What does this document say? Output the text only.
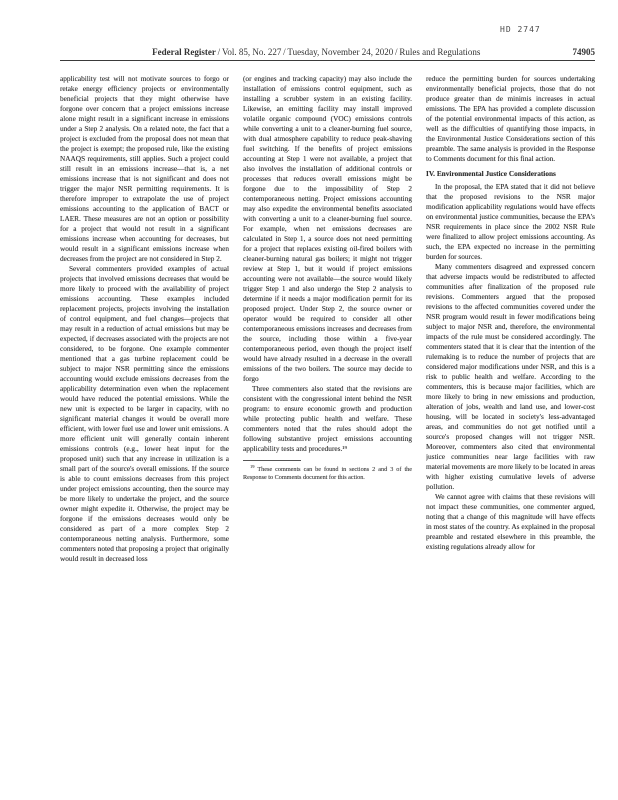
HD 2747
Federal Register / Vol. 85, No. 227 / Tuesday, November 24, 2020 / Rules and Regulations	74905

applicability test will not motivate sources to forgo or retake energy efficiency projects or environmentally beneficial projects that they might otherwise have forgone over concern that a project emissions increase alone might result in a significant increase in emissions under a Step 2 analysis. On a related note, the fact that a project is excluded from the proposal does not mean that the project is exempt; the proposed rule, like the existing NAAQS requirements, still applies. Such a project could still result in an emissions increase—that is, a net emissions increase that is not significant and does not trigger the major NSR permitting requirements. It is therefore improper to extrapolate the use of project emissions accounting to the application of BACT or LAER. These measures are not an option or possibility for a project that would not result in a significant emissions increase when accounting for decreases, but would result in a significant emissions increase when decreases from the project are not considered in Step 2.

Several commenters provided examples of actual projects that involved emissions decreases that would be more likely to proceed with the availability of project emissions accounting. These examples included replacement projects, projects involving the installation of control equipment, and fuel changes—projects that may result in a reduction of actual emissions but may be expected, if decreases associated with the projects are not considered, to be forgone. One example commenter mentioned that a gas turbine replacement could be subject to major NSR permitting since the emissions accounting would exclude emissions decreases from the applicability determination even when the replacement would have reduced the potential emissions. While the new unit is expected to be larger in capacity, with no significant material changes it would be overall more efficient, with lower fuel use and lower unit emissions. A more efficient unit will generally contain inherent emissions controls (e.g., lower heat input for the proposed unit) such that any increase in utilization is a small part of the source's overall emissions. If the source is able to count emissions decreases from this project under project emissions accounting, then the source may be more likely to undertake the project, and the source owner might expedite it. Otherwise, the project may be forgone if the emissions decreases would only be considered as part of a more complex Step 2 contemporaneous netting analysis. Furthermore, some commenters noted that proposing a project that originally would result in decreased loss

(or engines and tracking capacity) may also include the installation of emissions control equipment, such as installing a scrubber system in an existing facility. Likewise, an emitting facility may install improved volatile organic compound (VOC) emissions controls while converting a unit to a cleaner-burning fuel source, with dual atmosphere capability to reduce peak-shaving fuel switching. If the benefits of project emissions accounting at Step 1 were not available, a project that also involves the installation of additional controls or processes that reduces overall emissions might be forgone due to the impossibility of Step 2 contemporaneous netting. Project emissions accounting may also expedite the environmental benefits associated with converting a unit to a cleaner-burning fuel source. For example, when net emissions decreases are calculated in Step 1, a source does not need permitting for a project that replaces existing oil-fired boilers with cleaner-burning natural gas boilers; it might not trigger review at Step 1, but it would if project emissions accounting were not available—the source would likely trigger Step 1 and also undergo the Step 2 analysis to determine if it needs a major modification permit for its proposed project. Under Step 2, the source owner or operator would be required to consider all other contemporaneous emissions increases and decreases from the source, including those within a five-year contemporaneous period, even though the project itself would have already resulted in a decrease in the overall emissions of the two boilers. The source may decide to forgo

Three commenters also stated that the revisions are consistent with the congressional intent behind the NSR program: to ensure economic growth and production while protecting public health and welfare. These commenters noted that the rules should adopt the following substantive project emissions accounting applicability tests and procedures.¹⁹

$^{19}$ These comments can be found in sections 2 and 3 of the Response to Comments document for this action.

reduce the permitting burden for sources undertaking environmentally beneficial projects, those that do not produce greater than de minimis increases in actual emissions. The EPA has provided a complete discussion of the potential environmental impacts of this action, as well as the difficulties of quantifying those impacts, in the Environmental Justice Considerations section of this preamble. The same analysis is provided in the Response to Comments document for this final action.

IV. Environmental Justice Considerations

In the proposal, the EPA stated that it did not believe that the proposed revisions to the NSR major modification applicability regulations would have effects on environmental justice communities, because the EPA's NSR requirements in place since the 2002 NSR Rule were finalized to allow project emissions accounting. As such, the EPA expected no increase in the permitting burden for sources.

Many commenters disagreed and expressed concern that adverse impacts would be redistributed to affected communities after finalization of the proposed rule revisions. Commenters argued that the proposed revisions to the affected communities covered under the NSR program would result in fewer modifications being subject to major NSR and, therefore, the environmental impacts of the rule must be considered accordingly. The commenters stated that it is clear that the intention of the rulemaking is to reduce the number of projects that are considered major modifications under NSR, and this is a risk to public health and welfare. According to the commenters, this is because major facilities, which are more likely to bring in new emissions and production, alteration of jobs, wealth and land use, and lower-cost housing, will be located in society's less-advantaged areas, and communities do not get notified until a source's proposed changes will not trigger NSR. Moreover, commenters also cited that environmental justice communities near large facilities with raw material movements are more likely to be located in areas with higher existing cumulative levels of adverse pollution.

We cannot agree with claims that these revisions will not impact these communities, one commenter argued, noting that a change of this magnitude will have effects in most states of the country. As explained in the proposal preamble and restated elsewhere in this preamble, the existing regulations already allow for
